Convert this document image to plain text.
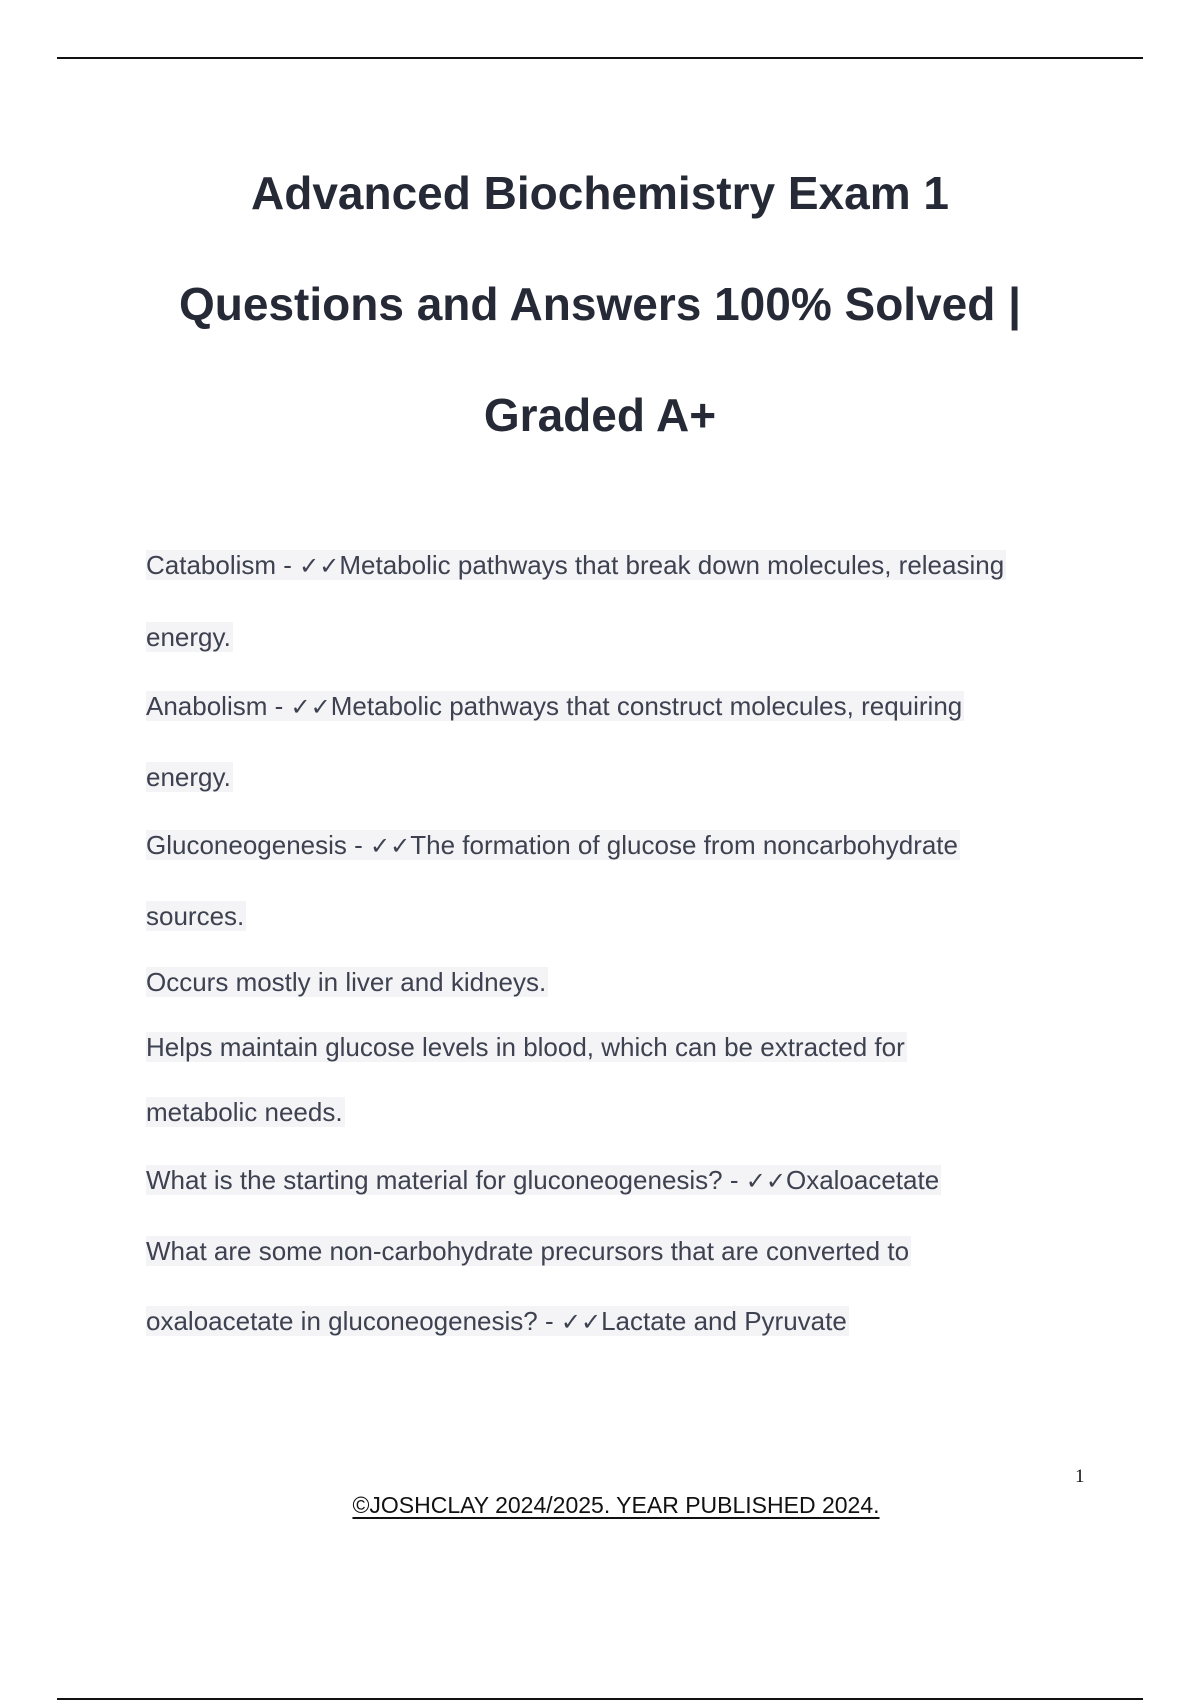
Advanced Biochemistry Exam 1
Questions and Answers 100% Solved |
Graded A+
Catabolism - ✓✓Metabolic pathways that break down molecules, releasing
energy.
Anabolism - ✓✓Metabolic pathways that construct molecules, requiring
energy.
Gluconeogenesis - ✓✓The formation of glucose from noncarbohydrate
sources.
Occurs mostly in liver and kidneys.
Helps maintain glucose levels in blood, which can be extracted for
metabolic needs.
What is the starting material for gluconeogenesis? - ✓✓Oxaloacetate
What are some non-carbohydrate precursors that are converted to
oxaloacetate in gluconeogenesis? - ✓✓Lactate and Pyruvate
1
©JOSHCLAY 2024/2025. YEAR PUBLISHED 2024.
